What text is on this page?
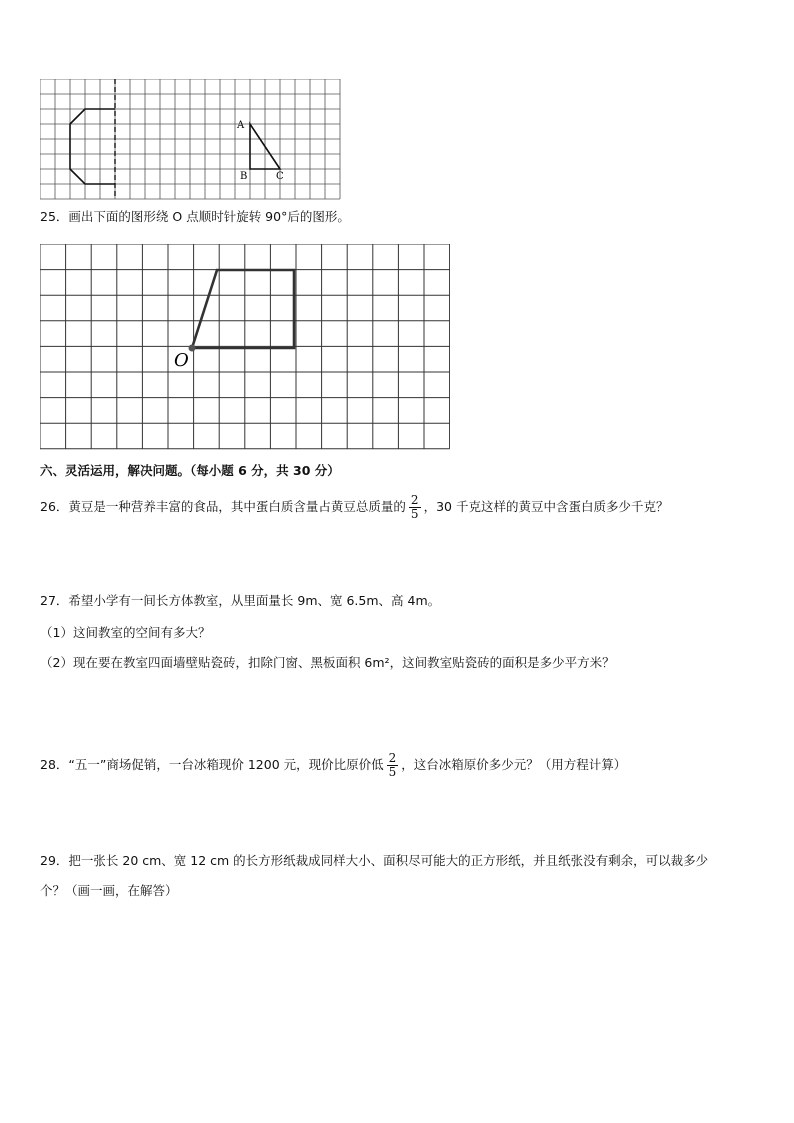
A
B	C
25．画出下面的图形绕 O 点顺时针旋转 90°后的图形。
O
六、灵活运用，解决问题。（每小题 6 分，共 30 分）
26．黄豆是一种营养丰富的食品，其中蛋白质含量占黄豆总质量的 $\frac{2}{5}$ ，30 千克这样的黄豆中含蛋白质多少千克？
27．希望小学有一间长方体教室，从里面量长 9m、宽 6.5m、高 4m。
（1）这间教室的空间有多大？
（2）现在要在教室四面墙壁贴瓷砖，扣除门窗、黑板面积 6m²，这间教室贴瓷砖的面积是多少平方米？
28．“五一”商场促销，一台冰箱现价 1200 元，现价比原价低 $\frac{2}{5}$ ，这台冰箱原价多少元？（用方程计算）
29．把一张长 20 cm、宽 12 cm 的长方形纸裁成同样大小、面积尽可能大的正方形纸，并且纸张没有剩余，可以裁多少
个？（画一画，在解答）
